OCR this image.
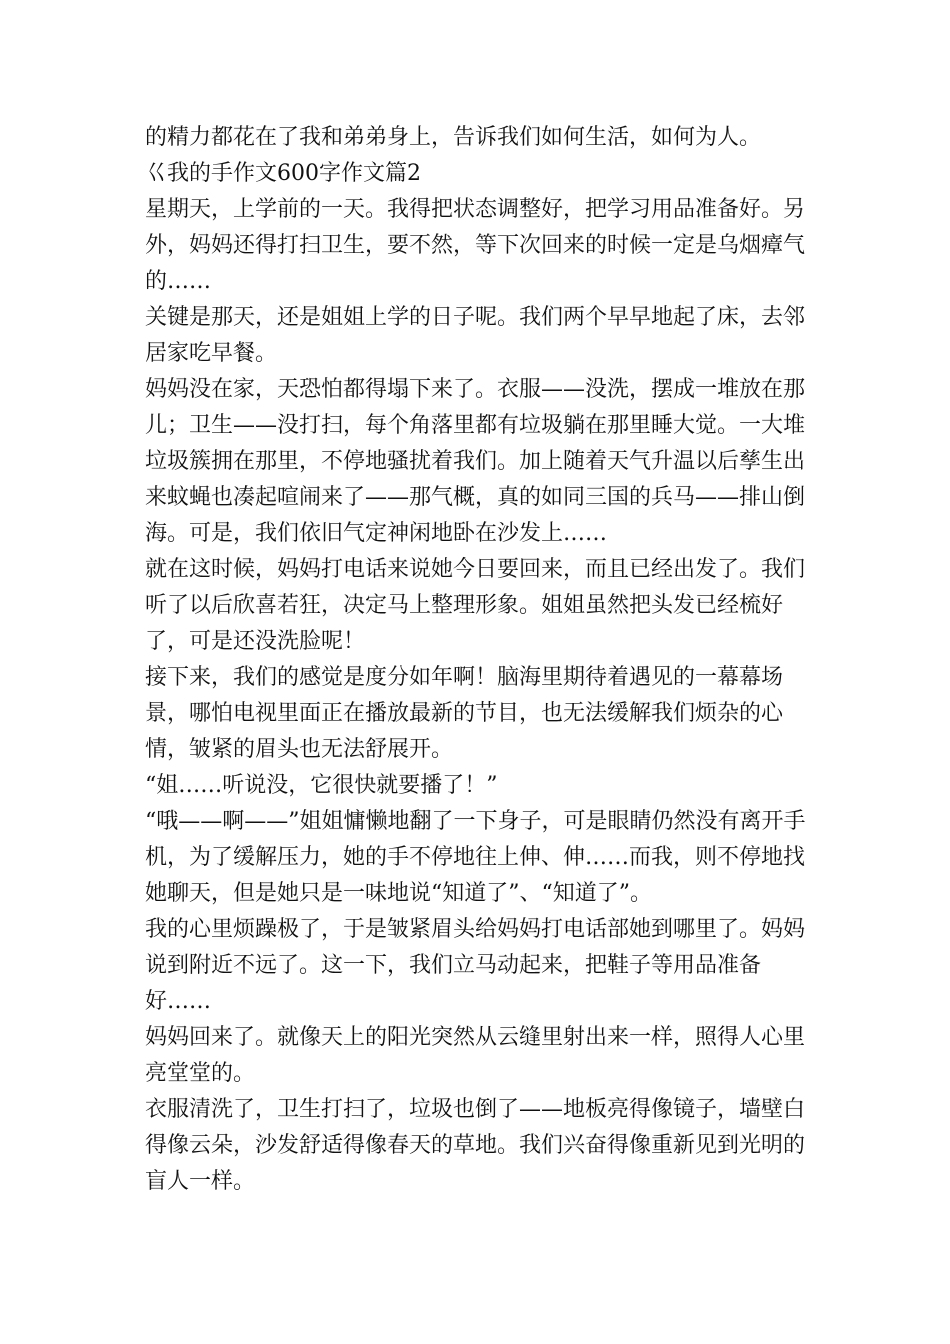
的精力都花在了我和弟弟身上，告诉我们如何生活，如何为人。

巜我的手作文600字作文篇2

星期天，上学前的一天。我得把状态调整好，把学习用品准备好。另外，妈妈还得打扫卫生，要不然，等下次回来的时候一定是乌烟瘴气的……

关键是那天，还是姐姐上学的日子呢。我们两个早早地起了床，去邻居家吃早餐。

妈妈没在家，天恐怕都得塌下来了。衣服——没洗，摆成一堆放在那儿；卫生——没打扫，每个角落里都有垃圾躺在那里睡大觉。一大堆垃圾簇拥在那里，不停地骚扰着我们。加上随着天气升温以后孳生出来蚊蝇也凑起喧闹来了——那气概，真的如同三国的兵马——排山倒海。可是，我们依旧气定神闲地卧在沙发上……

就在这时候，妈妈打电话来说她今日要回来，而且已经出发了。我们听了以后欣喜若狂，决定马上整理形象。姐姐虽然把头发已经梳好了，可是还没洗脸呢！

接下来，我们的感觉是度分如年啊！脑海里期待着遇见的一幕幕场景，哪怕电视里面正在播放最新的节目，也无法缓解我们烦杂的心情，皱紧的眉头也无法舒展开。

“姐……听说没，它很快就要播了！”

“哦——啊——”姐姐慵懒地翻了一下身子，可是眼睛仍然没有离开手机，为了缓解压力，她的手不停地往上伸、伸……而我，则不停地找她聊天，但是她只是一味地说“知道了”、“知道了”。

我的心里烦躁极了，于是皱紧眉头给妈妈打电话部她到哪里了。妈妈说到附近不远了。这一下，我们立马动起来，把鞋子等用品准备好……

妈妈回来了。就像天上的阳光突然从云缝里射出来一样，照得人心里亮堂堂的。

衣服清洗了，卫生打扫了，垃圾也倒了——地板亮得像镜子，墙壁白得像云朵，沙发舒适得像春天的草地。我们兴奋得像重新见到光明的盲人一样。
